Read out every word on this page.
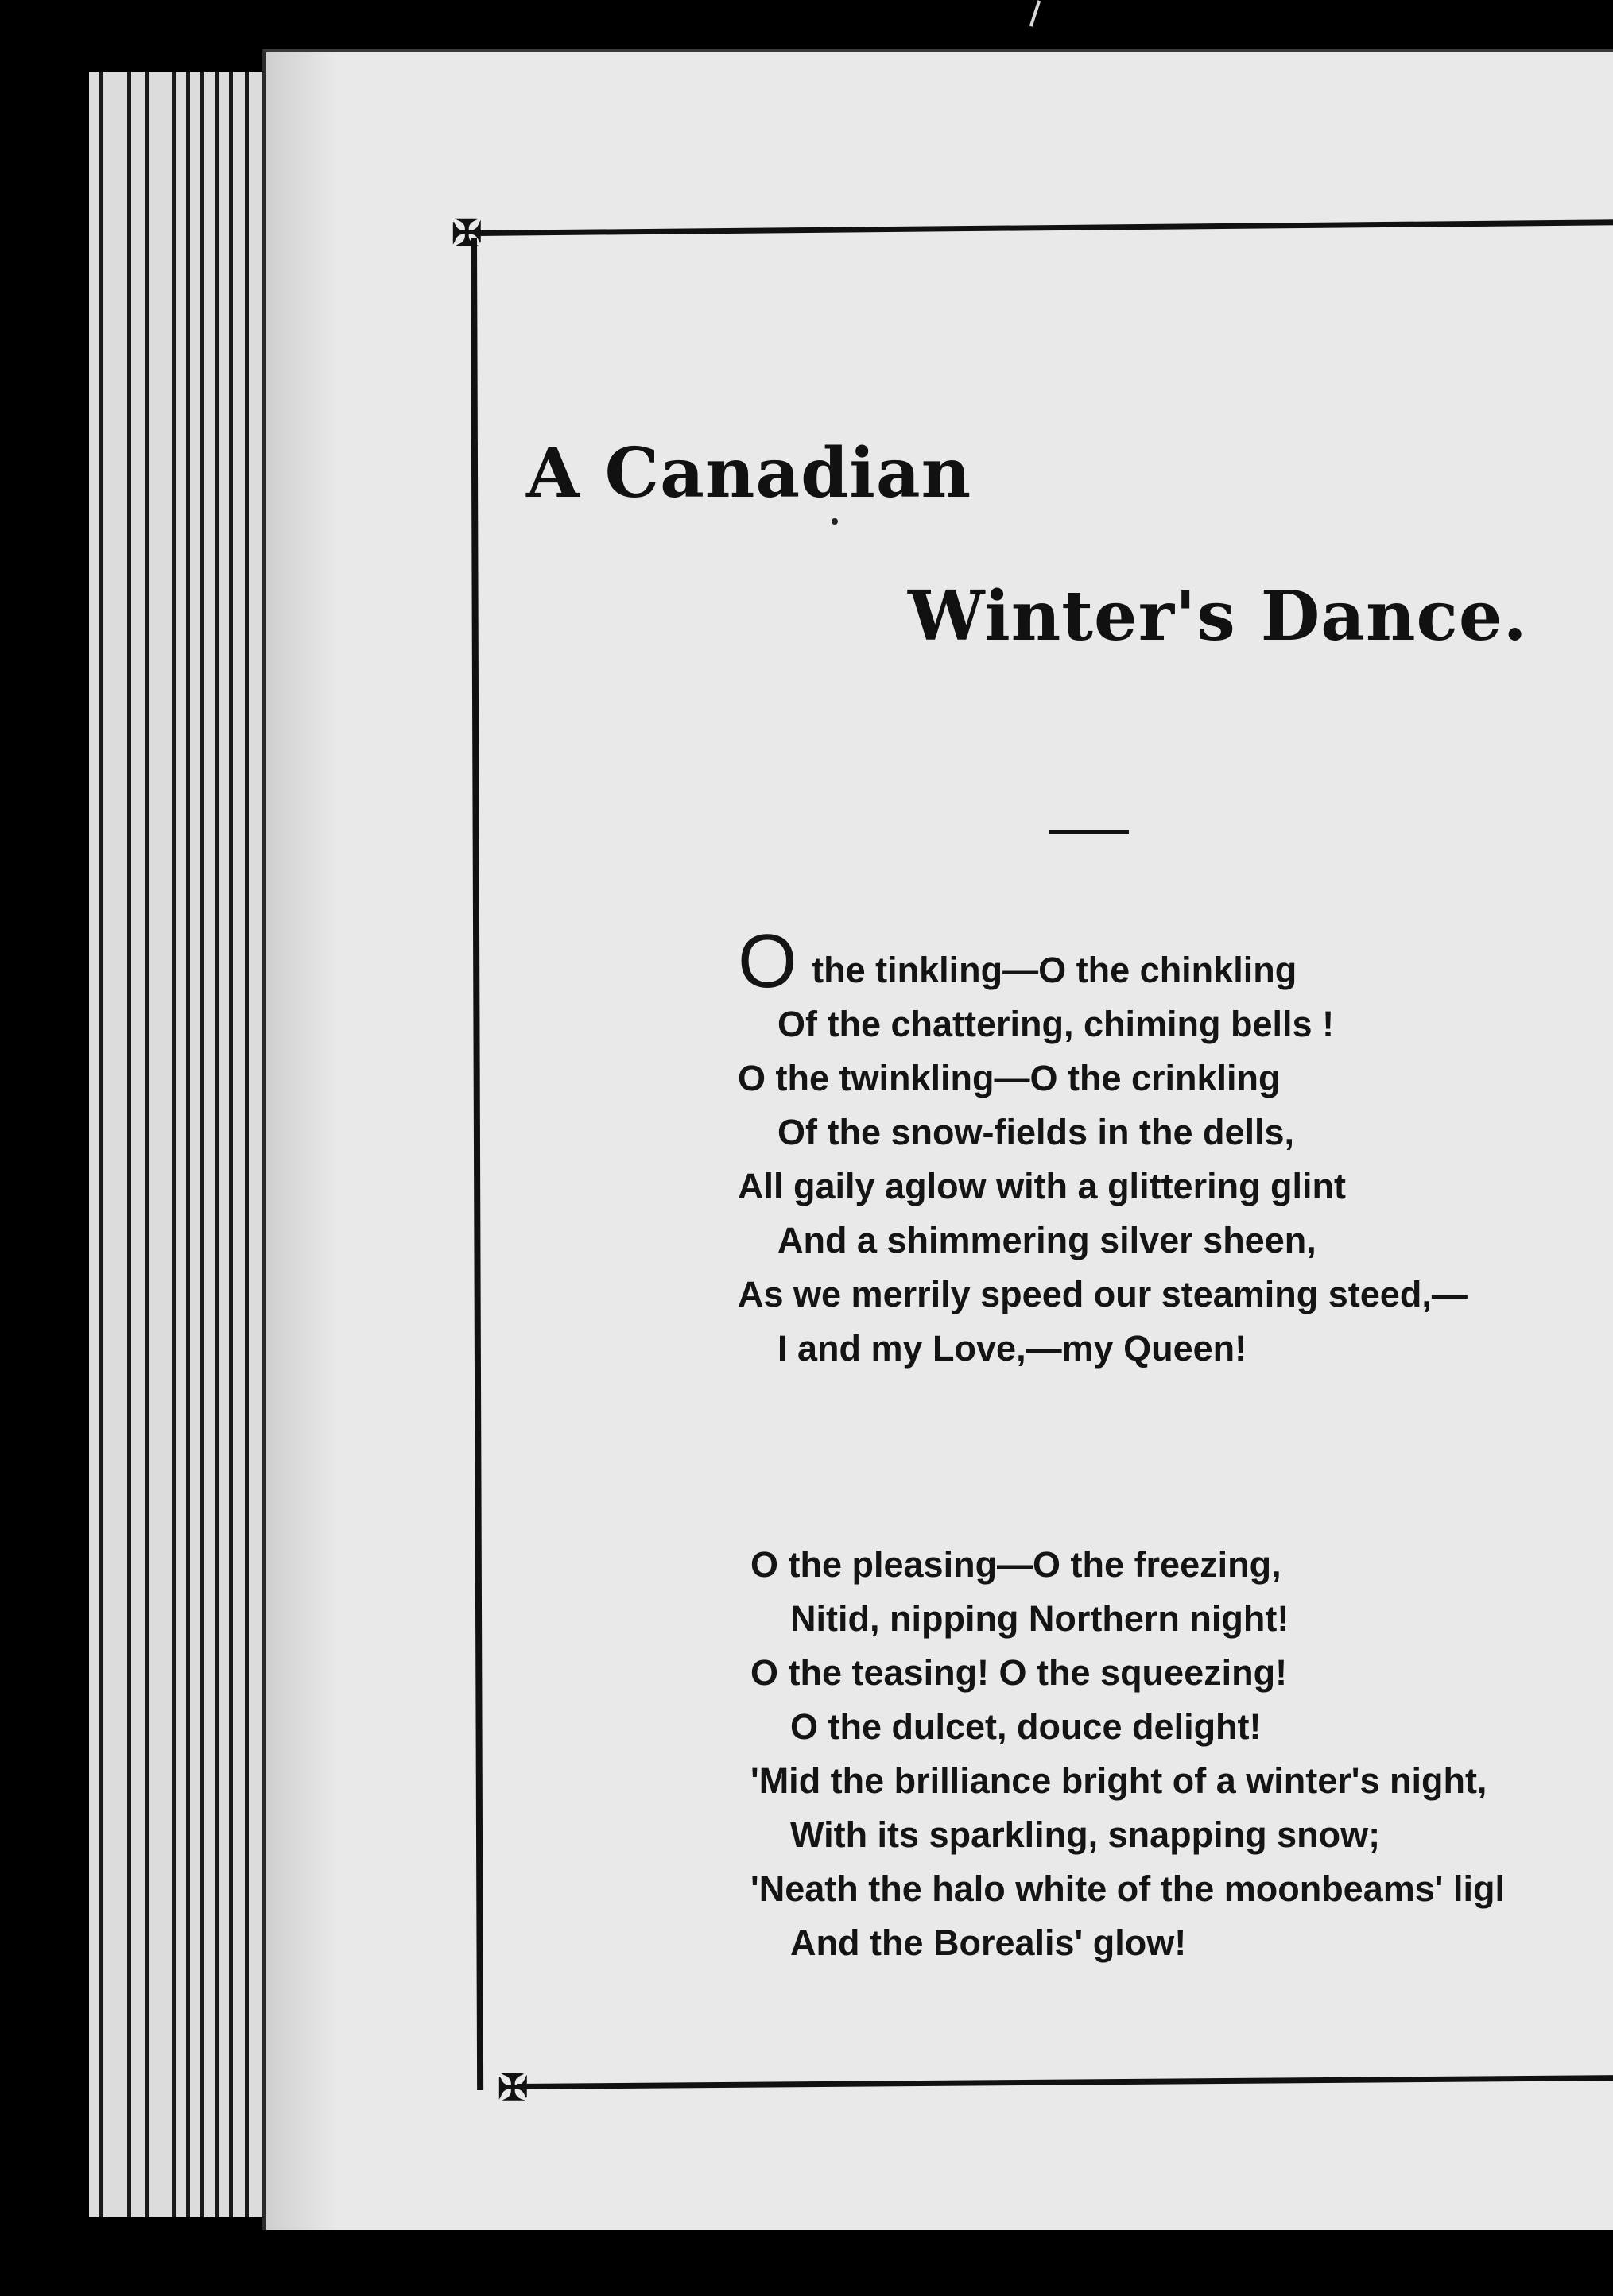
✠
✠
A Canadian
Winter's Dance.
O the tinkling—O the chinkling
Of the chattering, chiming bells !
O the twinkling—O the crinkling
Of the snow-fields in the dells,
All gaily aglow with a glittering glint
And a shimmering silver sheen,
As we merrily speed our steaming steed,—
I and my Love,—my Queen!
O the pleasing—O the freezing,
Nitid, nipping Northern night!
O the teasing! O the squeezing!
O the dulcet, douce delight!
'Mid the brilliance bright of a winter's night,
With its sparkling, snapping snow;
'Neath the halo white of the moonbeams' ligl
And the Borealis' glow!
